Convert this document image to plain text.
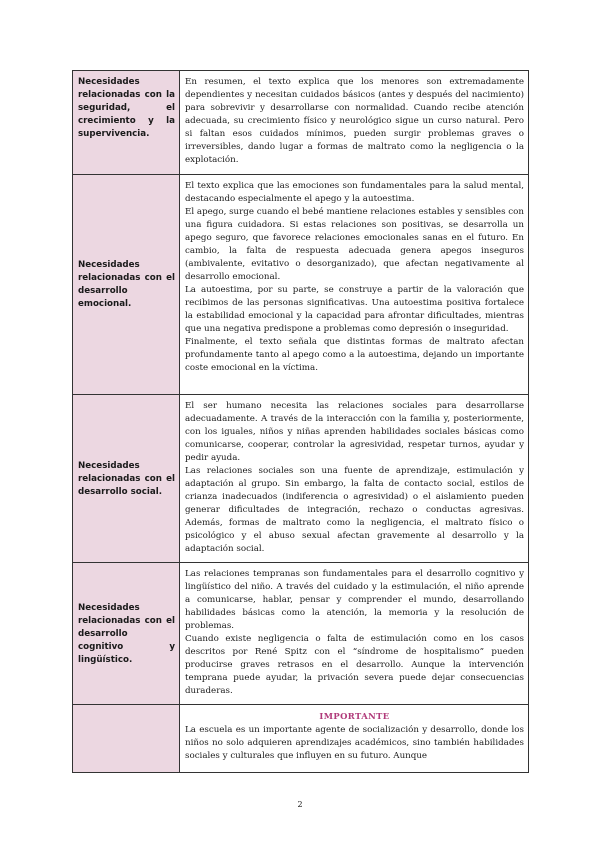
Necesidades relacionadas con la seguridad, el crecimiento y la supervivencia.	En resumen, el texto explica que los menores son extremadamente dependientes y necesitan cuidados básicos (antes y después del nacimiento) para sobrevivir y desarrollarse con normalidad. Cuando recibe atención adecuada, su crecimiento físico y neurológico sigue un curso natural. Pero si faltan esos cuidados mínimos, pueden surgir problemas graves o irreversibles, dando lugar a formas de maltrato como la negligencia o la explotación.

Necesidades relacionadas con el desarrollo emocional.	El texto explica que las emociones son fundamentales para la salud mental, destacando especialmente el apego y la autoestima.

El apego, surge cuando el bebé mantiene relaciones estables y sensibles con una figura cuidadora. Si estas relaciones son positivas, se desarrolla un apego seguro, que favorece relaciones emocionales sanas en el futuro. En cambio, la falta de respuesta adecuada genera apegos inseguros (ambivalente, evitativo o desorganizado), que afectan negativamente al desarrollo emocional.

La autoestima, por su parte, se construye a partir de la valoración que recibimos de las personas significativas. Una autoestima positiva fortalece la estabilidad emocional y la capacidad para afrontar dificultades, mientras que una negativa predispone a problemas como depresión o inseguridad.

Finalmente, el texto señala que distintas formas de maltrato afectan profundamente tanto al apego como a la autoestima, dejando un importante coste emocional en la víctima.

Necesidades relacionadas con el desarrollo social.	El ser humano necesita las relaciones sociales para desarrollarse adecuadamente. A través de la interacción con la familia y, posteriormente, con los iguales, niños y niñas aprenden habilidades sociales básicas como comunicarse, cooperar, controlar la agresividad, respetar turnos, ayudar y pedir ayuda.

Las relaciones sociales son una fuente de aprendizaje, estimulación y adaptación al grupo. Sin embargo, la falta de contacto social, estilos de crianza inadecuados (indiferencia o agresividad) o el aislamiento pueden generar dificultades de integración, rechazo o conductas agresivas. Además, formas de maltrato como la negligencia, el maltrato físico o psicológico y el abuso sexual afectan gravemente al desarrollo y la adaptación social.

Necesidades relacionadas con el desarrollo cognitivo y lingüístico.	Las relaciones tempranas son fundamentales para el desarrollo cognitivo y lingüístico del niño. A través del cuidado y la estimulación, el niño aprende a comunicarse, hablar, pensar y comprender el mundo, desarrollando habilidades básicas como la atención, la memoria y la resolución de problemas.

Cuando existe negligencia o falta de estimulación como en los casos descritos por René Spitz con el “síndrome de hospitalismo” pueden producirse graves retrasos en el desarrollo. Aunque la intervención temprana puede ayudar, la privación severa puede dejar consecuencias duraderas.

	IMPORTANTE

La escuela es un importante agente de socialización y desarrollo, donde los niños no solo adquieren aprendizajes académicos, sino también habilidades sociales y culturales que influyen en su futuro. Aunque

2
